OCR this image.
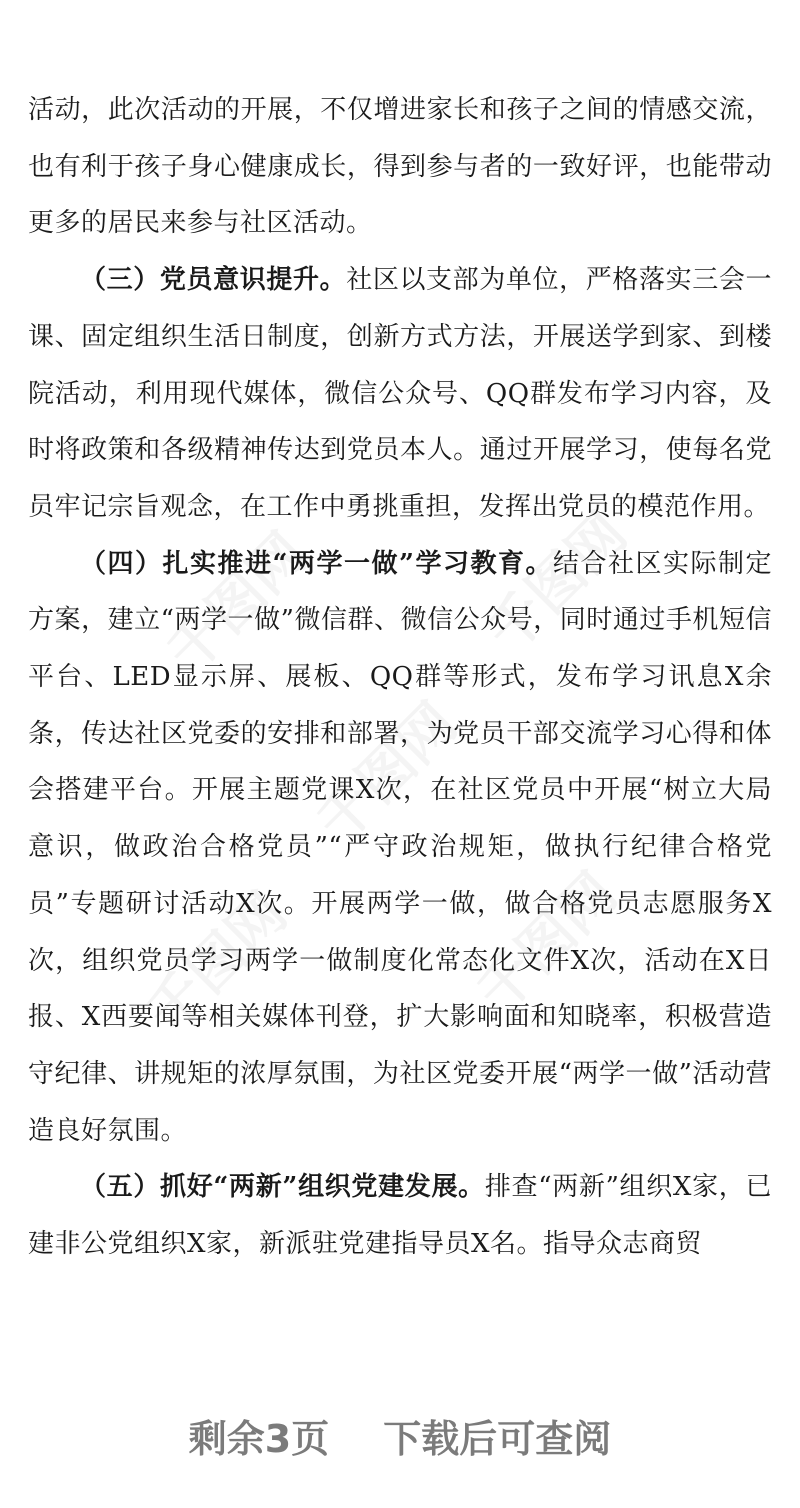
活动，此次活动的开展，不仅增进家长和孩子之间的情感交流，也有利于孩子身心健康成长，得到参与者的一致好评，也能带动更多的居民来参与社区活动。

（三）党员意识提升。社区以支部为单位，严格落实三会一课、固定组织生活日制度，创新方式方法，开展送学到家、到楼院活动，利用现代媒体，微信公众号、QQ群发布学习内容，及时将政策和各级精神传达到党员本人。通过开展学习，使每名党员牢记宗旨观念，在工作中勇挑重担，发挥出党员的模范作用。

（四）扎实推进“两学一做”学习教育。结合社区实际制定方案，建立“两学一做”微信群、微信公众号，同时通过手机短信平台、LED显示屏、展板、QQ群等形式，发布学习讯息X余条，传达社区党委的安排和部署，为党员干部交流学习心得和体会搭建平台。开展主题党课X次，在社区党员中开展“树立大局意识，做政治合格党员”“严守政治规矩，做执行纪律合格党员”专题研讨活动X次。开展两学一做，做合格党员志愿服务X次，组织党员学习两学一做制度化常态化文件X次，活动在X日报、X西要闻等相关媒体刊登，扩大影响面和知晓率，积极营造守纪律、讲规矩的浓厚氛围，为社区党委开展“两学一做”活动营造良好氛围。

（五）抓好“两新”组织党建发展。排查“两新”组织X家，已建非公党组织X家，新派驻党建指导员X名。指导众志商贸

剩余3页 下载后可查阅
